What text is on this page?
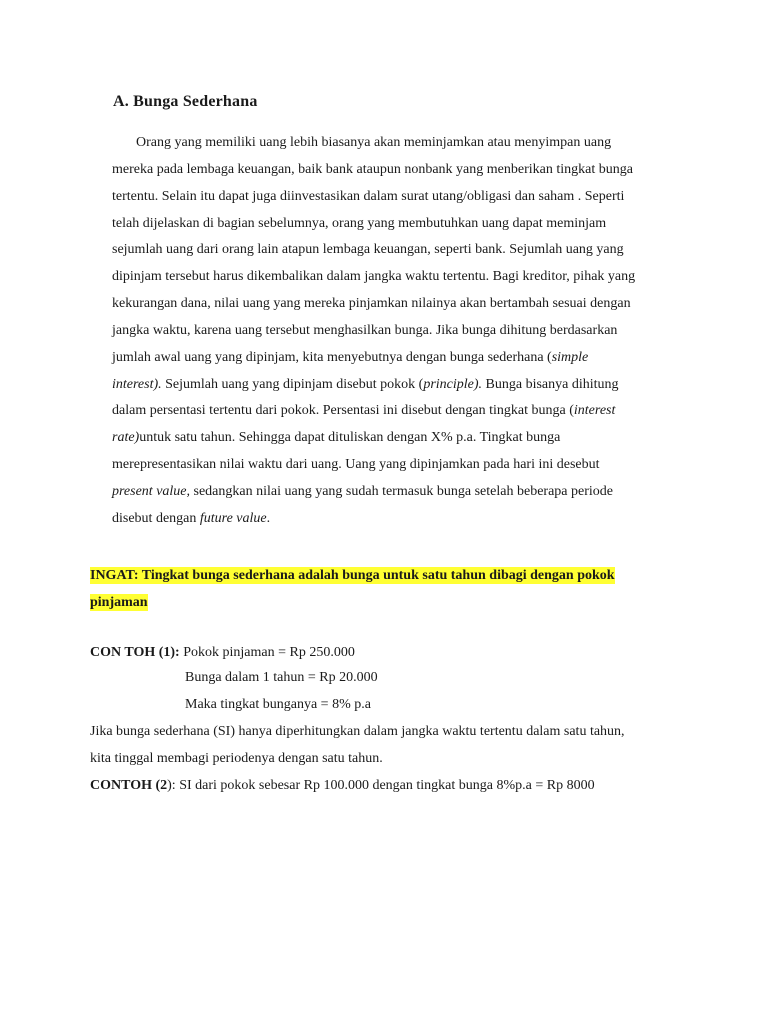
A. Bunga Sederhana
Orang yang memiliki uang lebih biasanya akan meminjamkan atau menyimpan uang
mereka pada lembaga keuangan, baik bank ataupun nonbank yang menberikan tingkat bunga
tertentu. Selain itu dapat juga diinvestasikan dalam surat utang/obligasi dan saham . Seperti
telah dijelaskan di bagian sebelumnya, orang yang membutuhkan uang dapat meminjam
sejumlah uang dari orang lain atapun lembaga keuangan, seperti bank. Sejumlah uang yang
dipinjam tersebut harus dikembalikan dalam jangka waktu tertentu. Bagi kreditor, pihak yang
kekurangan dana, nilai uang yang mereka pinjamkan nilainya akan bertambah sesuai dengan
jangka waktu, karena uang tersebut menghasilkan bunga. Jika bunga dihitung berdasarkan
jumlah awal uang yang dipinjam, kita menyebutnya dengan bunga sederhana (simple
interest). Sejumlah uang yang dipinjam disebut pokok (principle). Bunga bisanya dihitung
dalam persentasi tertentu dari pokok. Persentasi ini disebut dengan tingkat bunga (interest
rate)untuk satu tahun. Sehingga dapat dituliskan dengan X% p.a. Tingkat bunga
merepresentasikan nilai waktu dari uang. Uang yang dipinjamkan pada hari ini desebut
present value, sedangkan nilai uang yang sudah termasuk bunga setelah beberapa periode
disebut dengan future value.

INGAT: Tingkat bunga sederhana adalah bunga untuk satu tahun dibagi dengan pokok
pinjaman

CON TOH (1): Pokok pinjaman = Rp 250.000

Bunga dalam 1 tahun = Rp 20.000

Maka tingkat bunganya = 8% p.a

Jika bunga sederhana (SI) hanya diperhitungkan dalam jangka waktu tertentu dalam satu tahun,
kita tinggal membagi periodenya dengan satu tahun.

CONTOH (2): SI dari pokok sebesar Rp 100.000 dengan tingkat bunga 8%p.a = Rp 8000
